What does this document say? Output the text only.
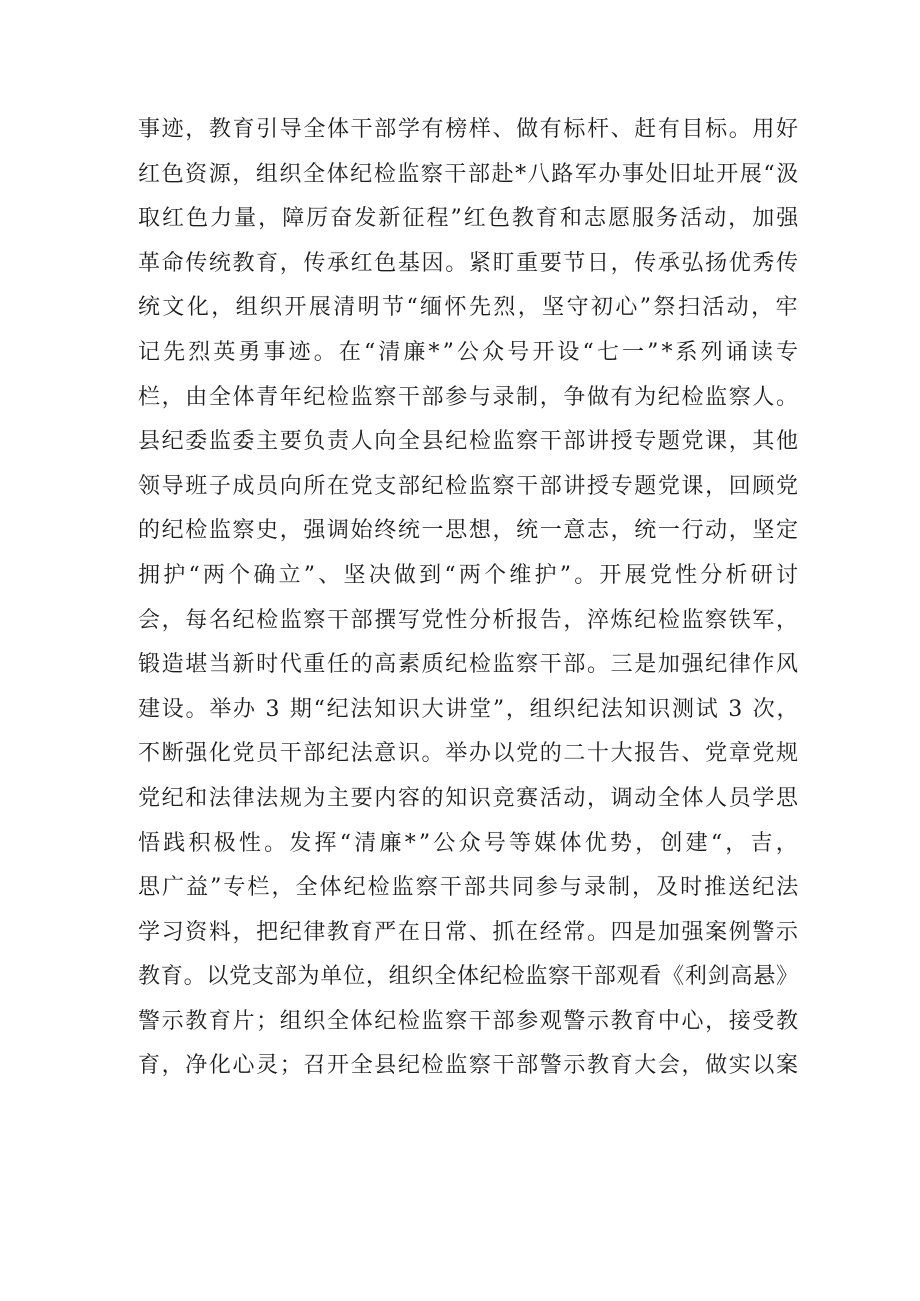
事迹，教育引导全体干部学有榜样、做有标杆、赶有目标。用好
红色资源，组织全体纪检监察干部赴*八路军办事处旧址开展“汲
取红色力量，障厉奋发新征程”红色教育和志愿服务活动，加强
革命传统教育，传承红色基因。紧盯重要节日，传承弘扬优秀传
统文化，组织开展清明节“缅怀先烈，坚守初心”祭扫活动，牢
记先烈英勇事迹。在“清廉*”公众号开设“七一”*系列诵读专
栏，由全体青年纪检监察干部参与录制，争做有为纪检监察人。
县纪委监委主要负责人向全县纪检监察干部讲授专题党课，其他
领导班子成员向所在党支部纪检监察干部讲授专题党课，回顾党
的纪检监察史，强调始终统一思想，统一意志，统一行动，坚定
拥护“两个确立”、坚决做到“两个维护”。开展党性分析研讨
会，每名纪检监察干部撰写党性分析报告，淬炼纪检监察铁军，
锻造堪当新时代重任的高素质纪检监察干部。三是加强纪律作风
建设。举办 3 期“纪法知识大讲堂”，组织纪法知识测试 3 次，
不断强化党员干部纪法意识。举办以党的二十大报告、党章党规
党纪和法律法规为主要内容的知识竞赛活动，调动全体人员学思
悟践积极性。发挥“清廉*”公众号等媒体优势，创建“，吉，
思广益”专栏，全体纪检监察干部共同参与录制，及时推送纪法
学习资料，把纪律教育严在日常、抓在经常。四是加强案例警示
教育。以党支部为单位，组织全体纪检监察干部观看《利剑高悬》
警示教育片；组织全体纪检监察干部参观警示教育中心，接受教
育，净化心灵；召开全县纪检监察干部警示教育大会，做实以案
